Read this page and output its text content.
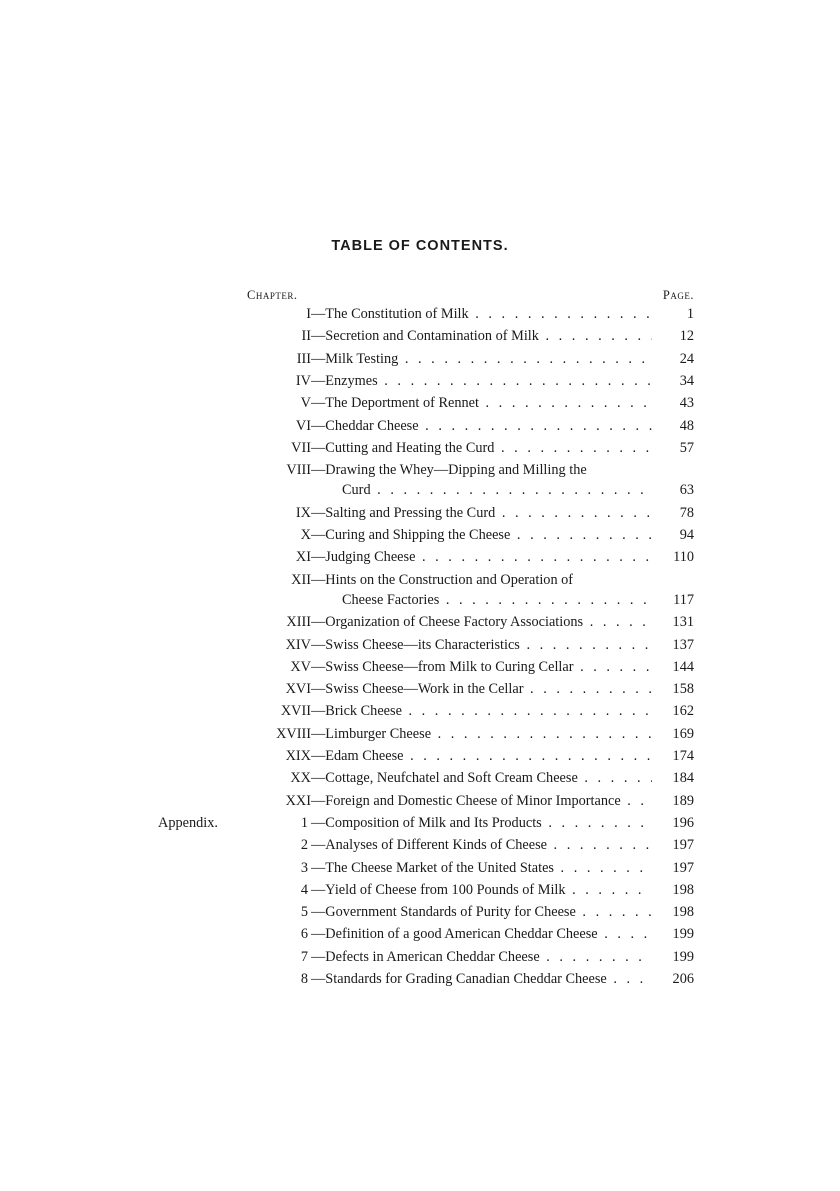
TABLE OF CONTENTS.
Chapter.	Page.
I —The Constitution of Milk . . .	1
II —Secretion and Contamination of Milk . . .	12
III —Milk Testing . . .	24
IV —Enzymes . . .	34
V —The Deportment of Rennet . . .	43
VI —Cheddar Cheese . . .	48
VII —Cutting and Heating the Curd . . .	57
VIII —Drawing the Whey—Dipping and Milling the
Curd . . .	63
IX —Salting and Pressing the Curd . . .	78
X —Curing and Shipping the Cheese . . .	94
XI —Judging Cheese . . .	110
XII —Hints on the Construction and Operation of
Cheese Factories . . .	117
XIII —Organization of Cheese Factory Associations . . .	131
XIV —Swiss Cheese—its Characteristics . . .	137
XV —Swiss Cheese—from Milk to Curing Cellar . . .	144
XVI —Swiss Cheese—Work in the Cellar . . .	158
XVII —Brick Cheese . . .	162
XVIII —Limburger Cheese . . .	169
XIX —Edam Cheese . . .	174
XX —Cottage, Neufchatel and Soft Cream Cheese . . .	184
XXI —Foreign and Domestic Cheese of Minor Importance . . .	189
Appendix.	1 —Composition of Milk and Its Products . . .	196
2 —Analyses of Different Kinds of Cheese . . .	197
3 —The Cheese Market of the United States . . .	197
4 —Yield of Cheese from 100 Pounds of Milk . . .	198
5 —Government Standards of Purity for Cheese . . .	198
6 —Definition of a good American Cheddar Cheese . . .	199
7 —Defects in American Cheddar Cheese . . .	199
8 —Standards for Grading Canadian Cheddar Cheese . . .	206
